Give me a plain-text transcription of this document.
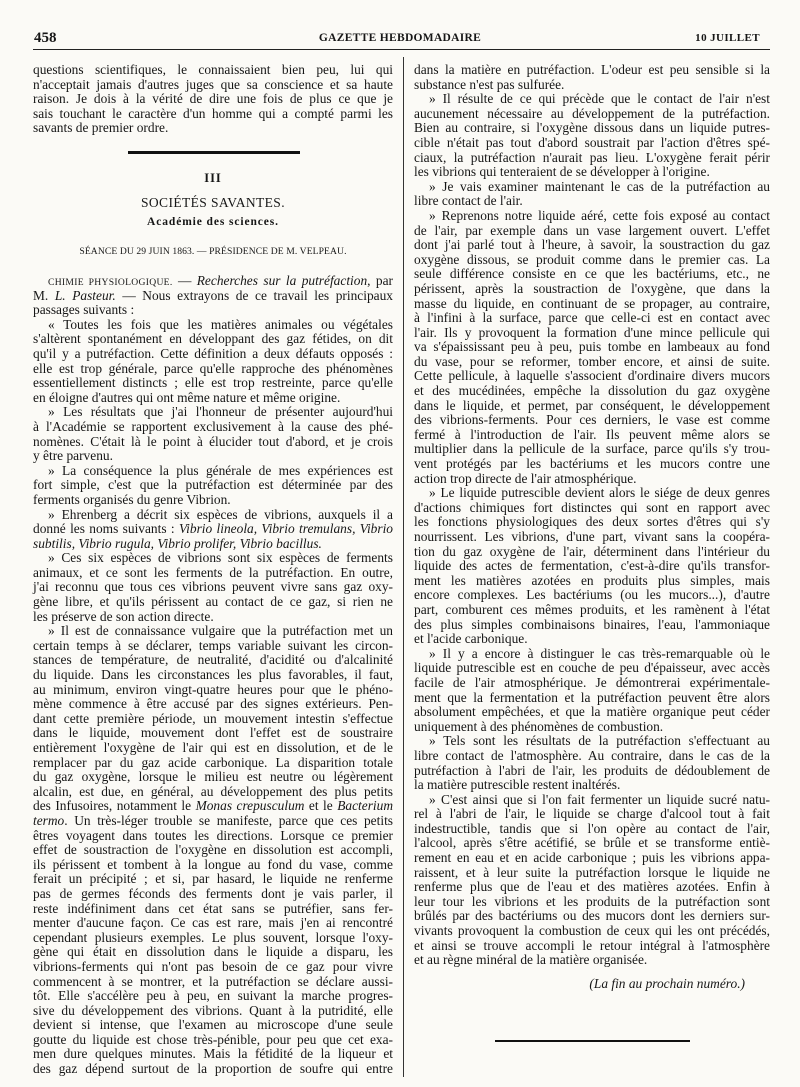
458	GAZETTE HEBDOMADAIRE	10 JUILLET
questions scientifiques, le connaissaient bien peu, lui qui
n'acceptait jamais d'autres juges que sa conscience et sa haute
raison. Je dois à la vérité de dire une fois de plus ce que je
sais touchant le caractère d'un homme qui a compté parmi les
savants de premier ordre.
III
SOCIÉTÉS SAVANTES.
Académie des sciences.
SÉANCE DU 29 JUIN 1863. — PRÉSIDENCE DE M. VELPEAU.
CHIMIE PHYSIOLOGIQUE. — Recherches sur la putréfaction, par
M. L. Pasteur. — Nous extrayons de ce travail les principaux
passages suivants :
« Toutes les fois que les matières animales ou végétales
s'altèrent spontanément en développant des gaz fétides, on dit
qu'il y a putréfaction. Cette définition a deux défauts opposés :
elle est trop générale, parce qu'elle rapproche des phénomènes
essentiellement distincts ; elle est trop restreinte, parce qu'elle
en éloigne d'autres qui ont même nature et même origine.
» Les résultats que j'ai l'honneur de présenter aujourd'hui
à l'Académie se rapportent exclusivement à la cause des phé-
nomènes. C'était là le point à élucider tout d'abord, et je crois
y être parvenu.
» La conséquence la plus générale de mes expériences est
fort simple, c'est que la putréfaction est déterminée par des
ferments organisés du genre Vibrion.
» Ehrenberg a décrit six espèces de vibrions, auxquels il a
donné les noms suivants : Vibrio lineola, Vibrio tremulans, Vibrio
subtilis, Vibrio rugula, Vibrio prolifer, Vibrio bacillus.
» Ces six espèces de vibrions sont six espèces de ferments
animaux, et ce sont les ferments de la putréfaction. En outre,
j'ai reconnu que tous ces vibrions peuvent vivre sans gaz oxy-
gène libre, et qu'ils périssent au contact de ce gaz, si rien ne
les préserve de son action directe.
» Il est de connaissance vulgaire que la putréfaction met un
certain temps à se déclarer, temps variable suivant les circon-
stances de température, de neutralité, d'acidité ou d'alcalinité
du liquide. Dans les circonstances les plus favorables, il faut,
au minimum, environ vingt-quatre heures pour que le phéno-
mène commence à être accusé par des signes extérieurs. Pen-
dant cette première période, un mouvement intestin s'effectue
dans le liquide, mouvement dont l'effet est de soustraire
entièrement l'oxygène de l'air qui est en dissolution, et de le
remplacer par du gaz acide carbonique. La disparition totale
du gaz oxygène, lorsque le milieu est neutre ou légèrement
alcalin, est due, en général, au développement des plus petits
des Infusoires, notamment le Monas crepusculum et le Bacterium
termo. Un très-léger trouble se manifeste, parce que ces petits
êtres voyagent dans toutes les directions. Lorsque ce premier
effet de soustraction de l'oxygène en dissolution est accompli,
ils périssent et tombent à la longue au fond du vase, comme
ferait un précipité ; et si, par hasard, le liquide ne renferme
pas de germes féconds des ferments dont je vais parler, il
reste indéfiniment dans cet état sans se putréfier, sans fer-
menter d'aucune façon. Ce cas est rare, mais j'en ai rencontré
cependant plusieurs exemples. Le plus souvent, lorsque l'oxy-
gène qui était en dissolution dans le liquide a disparu, les
vibrions-ferments qui n'ont pas besoin de ce gaz pour vivre
commencent à se montrer, et la putréfaction se déclare aussi-
tôt. Elle s'accélère peu à peu, en suivant la marche progres-
sive du développement des vibrions. Quant à la putridité, elle
devient si intense, que l'examen au microscope d'une seule
goutte du liquide est chose très-pénible, pour peu que cet exa-
men dure quelques minutes. Mais la fétidité de la liqueur et
des gaz dépend surtout de la proportion de soufre qui entre
dans la matière en putréfaction. L'odeur est peu sensible si la
substance n'est pas sulfurée.
» Il résulte de ce qui précède que le contact de l'air n'est
aucunement nécessaire au développement de la putréfaction.
Bien au contraire, si l'oxygène dissous dans un liquide putres-
cible n'était pas tout d'abord soustrait par l'action d'êtres spé-
ciaux, la putréfaction n'aurait pas lieu. L'oxygène ferait périr
les vibrions qui tenteraient de se développer à l'origine.
» Je vais examiner maintenant le cas de la putréfaction au
libre contact de l'air.
» Reprenons notre liquide aéré, cette fois exposé au contact
de l'air, par exemple dans un vase largement ouvert. L'effet
dont j'ai parlé tout à l'heure, à savoir, la soustraction du gaz
oxygène dissous, se produit comme dans le premier cas. La
seule différence consiste en ce que les bactériums, etc., ne
périssent, après la soustraction de l'oxygène, que dans la
masse du liquide, en continuant de se propager, au contraire,
à l'infini à la surface, parce que celle-ci est en contact avec
l'air. Ils y provoquent la formation d'une mince pellicule qui
va s'épaississant peu à peu, puis tombe en lambeaux au fond
du vase, pour se reformer, tomber encore, et ainsi de suite.
Cette pellicule, à laquelle s'associent d'ordinaire divers mucors
et des mucédinées, empêche la dissolution du gaz oxygène
dans le liquide, et permet, par conséquent, le développement
des vibrions-ferments. Pour ces derniers, le vase est comme
fermé à l'introduction de l'air. Ils peuvent même alors se
multiplier dans la pellicule de la surface, parce qu'ils s'y trou-
vent protégés par les bactériums et les mucors contre une
action trop directe de l'air atmosphérique.
» Le liquide putrescible devient alors le siége de deux genres
d'actions chimiques fort distinctes qui sont en rapport avec
les fonctions physiologiques des deux sortes d'êtres qui s'y
nourrissent. Les vibrions, d'une part, vivant sans la coopéra-
tion du gaz oxygène de l'air, déterminent dans l'intérieur du
liquide des actes de fermentation, c'est-à-dire qu'ils transfor-
ment les matières azotées en produits plus simples, mais
encore complexes. Les bactériums (ou les mucors...), d'autre
part, comburent ces mêmes produits, et les ramènent à l'état
des plus simples combinaisons binaires, l'eau, l'ammoniaque
et l'acide carbonique.
» Il y a encore à distinguer le cas très-remarquable où le
liquide putrescible est en couche de peu d'épaisseur, avec accès
facile de l'air atmosphérique. Je démontrerai expérimentale-
ment que la fermentation et la putréfaction peuvent être alors
absolument empêchées, et que la matière organique peut céder
uniquement à des phénomènes de combustion.
» Tels sont les résultats de la putréfaction s'effectuant au
libre contact de l'atmosphère. Au contraire, dans le cas de la
putréfaction à l'abri de l'air, les produits de dédoublement de
la matière putrescible restent inaltérés.
» C'est ainsi que si l'on fait fermenter un liquide sucré natu-
rel à l'abri de l'air, le liquide se charge d'alcool tout à fait
indestructible, tandis que si l'on opère au contact de l'air,
l'alcool, après s'être acétifié, se brûle et se transforme entiè-
rement en eau et en acide carbonique ; puis les vibrions appa-
raissent, et à leur suite la putréfaction lorsque le liquide ne
renferme plus que de l'eau et des matières azotées. Enfin à
leur tour les vibrions et les produits de la putréfaction sont
brûlés par des bactériums ou des mucors dont les derniers sur-
vivants provoquent la combustion de ceux qui les ont précédés,
et ainsi se trouve accompli le retour intégral à l'atmosphère
et au règne minéral de la matière organisée.
(La fin au prochain numéro.)
